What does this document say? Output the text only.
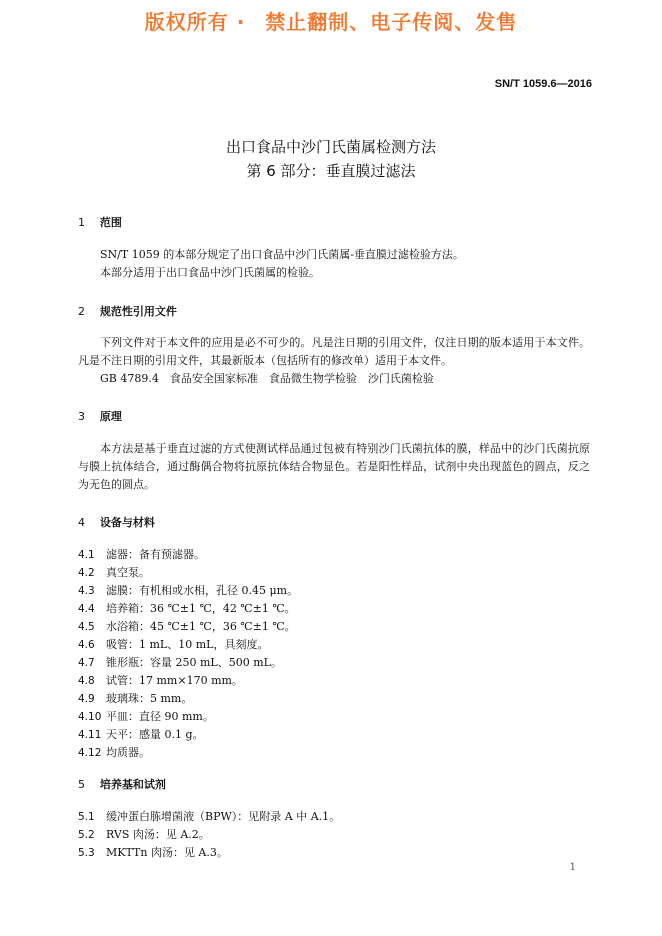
版权所有 · 禁止翻制、电子传阅、发售
SN/T 1059.6—2016
出口食品中沙门氏菌属检测方法
第 6 部分：垂直膜过滤法
1 范围
SN/T 1059 的本部分规定了出口食品中沙门氏菌属-垂直膜过滤检验方法。
本部分适用于出口食品中沙门氏菌属的检验。
2 规范性引用文件
下列文件对于本文件的应用是必不可少的。凡是注日期的引用文件，仅注日期的版本适用于本文件。凡是不注日期的引用文件，其最新版本（包括所有的修改单）适用于本文件。
GB 4789.4　食品安全国家标准　食品微生物学检验　沙门氏菌检验
3 原理
本方法是基于垂直过滤的方式使测试样品通过包被有特别沙门氏菌抗体的膜，样品中的沙门氏菌抗原与膜上抗体结合，通过酶偶合物将抗原抗体结合物显色。若是阳性样品，试剂中央出现蓝色的圆点，反之为无色的圆点。
4 设备与材料
4.1 滤器：备有预滤器。
4.2 真空泵。
4.3 滤膜：有机相或水相，孔径 0.45 μm。
4.4 培养箱：36 ℃±1 ℃，42 ℃±1 ℃。
4.5 水浴箱：45 ℃±1 ℃，36 ℃±1 ℃。
4.6 吸管：1 mL、10 mL，具刻度。
4.7 锥形瓶：容量 250 mL、500 mL。
4.8 试管：17 mm×170 mm。
4.9 玻璃珠：5 mm。
4.10 平皿：直径 90 mm。
4.11 天平：感量 0.1 g。
4.12 均质器。
5 培养基和试剂
5.1 缓冲蛋白胨增菌液（BPW）：见附录 A 中 A.1。
5.2 RVS 肉汤：见 A.2。
5.3 MKTTn 肉汤：见 A.3。
1
